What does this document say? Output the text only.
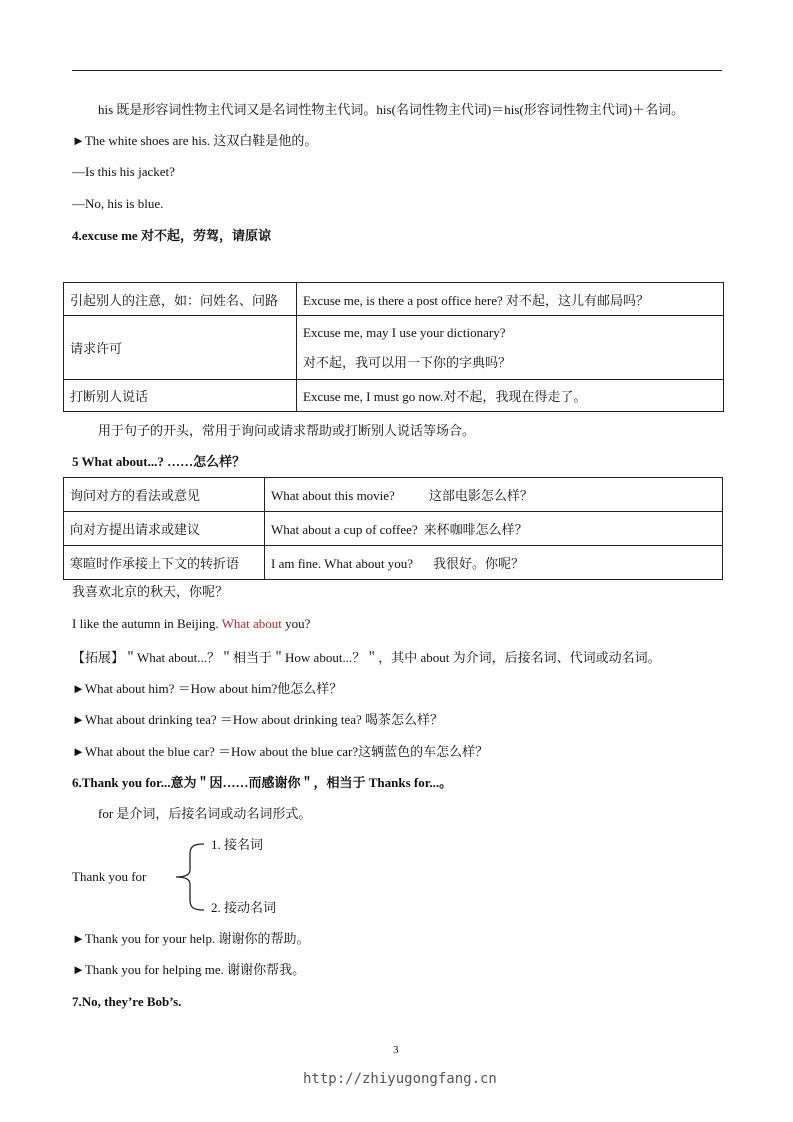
his 既是形容词性物主代词又是名词性物主代词。his(名词性物主代词)＝his(形容词性物主代词)＋名词。
►The white shoes are his. 这双白鞋是他的。
—Is this his jacket?
—No, his is blue.
4.excuse me 对不起，劳驾，请原谅
引起别人的注意，如：问姓名、问路	Excuse me, is there a post office here? 对不起，这儿有邮局吗？
请求许可	Excuse me, may I use your dictionary?
对不起，我可以用一下你的字典吗？

打断别人说话	Excuse me, I must go now.对不起，我现在得走了。
用于句子的开头，常用于询问或请求帮助或打断别人说话等场合。
5 What about...? ……怎么样？
询问对方的看法或意见	What about this movie? 这部电影怎么样？
向对方提出请求或建议	What about a cup of coffee? 来杯咖啡怎么样？
寒暄时作承接上下文的转折语	I am fine. What about you? 我很好。你呢？
我喜欢北京的秋天，你呢？
I like the autumn in Beijing. What about you?
【拓展】＂What about...？＂相当于＂How about...？＂，其中 about 为介词，后接名词、代词或动名词。
►What about him? ＝How about him?他怎么样？
►What about drinking tea? ＝How about drinking tea? 喝茶怎么样？
►What about the blue car? ＝How about the blue car?这辆蓝色的车怎么样？
6.Thank you for...意为＂因……而感谢你＂，相当于 Thanks for...。
for 是介词，后接名词或动名词形式。
Thank you for
1. 接名词
2. 接动名词
►Thank you for your help. 谢谢你的帮助。
►Thank you for helping me. 谢谢你帮我。
7.No, they’re Bob’s.
3
http://zhiyugongfang.cn
